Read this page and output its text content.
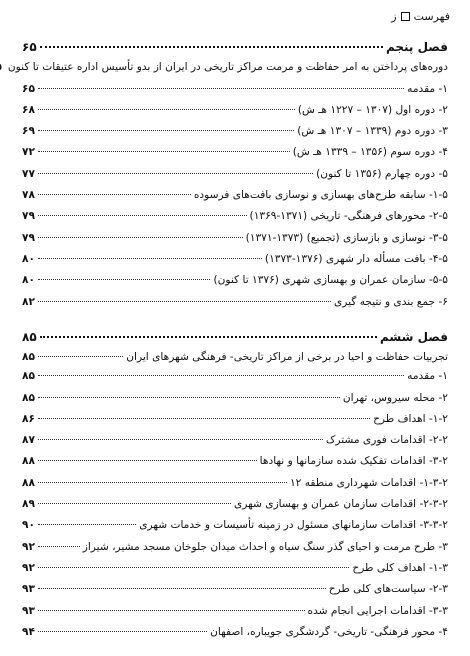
فهرست
ز
فصل پنجم
۶۵
دوره‌های پرداختن به امر حفاظت و مرمت مراکز تاریخی در ایران از بدو تأسیس اداره عتیقات تا کنون
۱- مقدمه
۶۵
۲- دوره اول (۱۳۰۷ – ۱۲۲۷ هـ ش)
۶۸
۳- دوره دوم (۱۳۳۹ – ۱۳۰۷ هـ ش)
۶۹
۴- دوره سوم (۱۳۵۶ – ۱۳۳۹ هـ ش)
۷۲
۵- دوره چهارم (۱۳۵۶ تا کنون)
۷۷
۱-۵- سابقه طرح‌های بهسازی و نوسازی بافت‌های فرسوده
۷۸
۲-۵- محورهای فرهنگی- تاریخی (۱۳۷۱-۱۳۶۹)
۷۹
۳-۵- نوسازی و بازسازی (تجمیع) (۱۳۷۳-۱۳۷۱)
۷۹
۴-۵- بافت مسأله دار شهری (۱۳۷۶-۱۳۷۳)
۸۰
۵-۵- سازمان عمران و بهسازی شهری (۱۳۷۶ تا کنون)
۸۰
۶- جمع بندی و نتیجه گیری
۸۲
فصل ششم
۸۵
تجربیات حفاظت و احیا در برخی از مراکز تاریخی- فرهنگی شهرهای ایران
۸۵
۱- مقدمه
۸۵
۲- محله سیروس، تهران
۸۵
۱-۲- اهداف طرح
۸۶
۲-۲- اقدامات فوری مشترک
۸۷
۳-۲- اقدامات تفکیک شده سازمانها و نهادها
۸۸
۱-۳-۲- اقدامات شهرداری منطقه ۱۲
۸۸
۲-۳-۲- اقدامات سازمان عمران و بهسازی شهری
۸۹
۳-۳-۲- اقدامات سازمانهای مسئول در زمینه تأسیسات و خدمات شهری
۹۰
۳- طرح مرمت و احیای گذر سنگ سیاه و احداث میدان جلوخان مسجد مشیر، شیراز
۹۲
۱-۳- اهداف کلی طرح
۹۲
۲-۳- سیاست‌های کلی طرح
۹۳
۳-۳- اقدامات اجرایی انجام شده
۹۳
۴- محور فرهنگی- تاریخی- گردشگری جویباره، اصفهان
۹۴
